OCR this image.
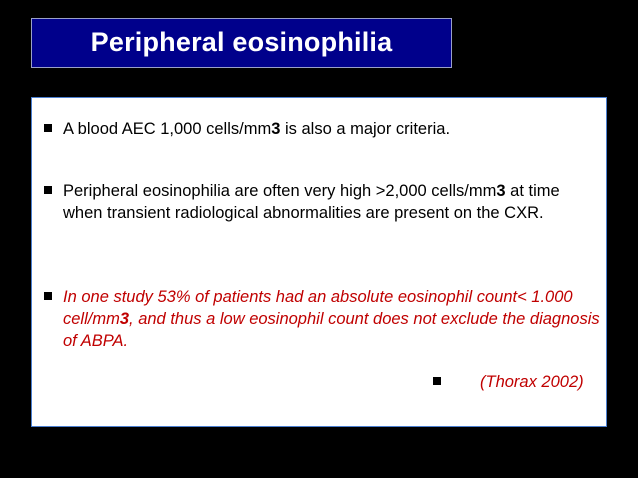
Peripheral eosinophilia
A blood AEC 1,000 cells/mm3 is also a major criteria.
Peripheral eosinophilia are often very high >2,000 cells/mm3 at time when transient radiological abnormalities are present on the CXR.
In one study 53% of patients had an absolute eosinophil count< 1.000 cell/mm3, and thus a low eosinophil count does not exclude the diagnosis of ABPA.
(Thorax 2002)
